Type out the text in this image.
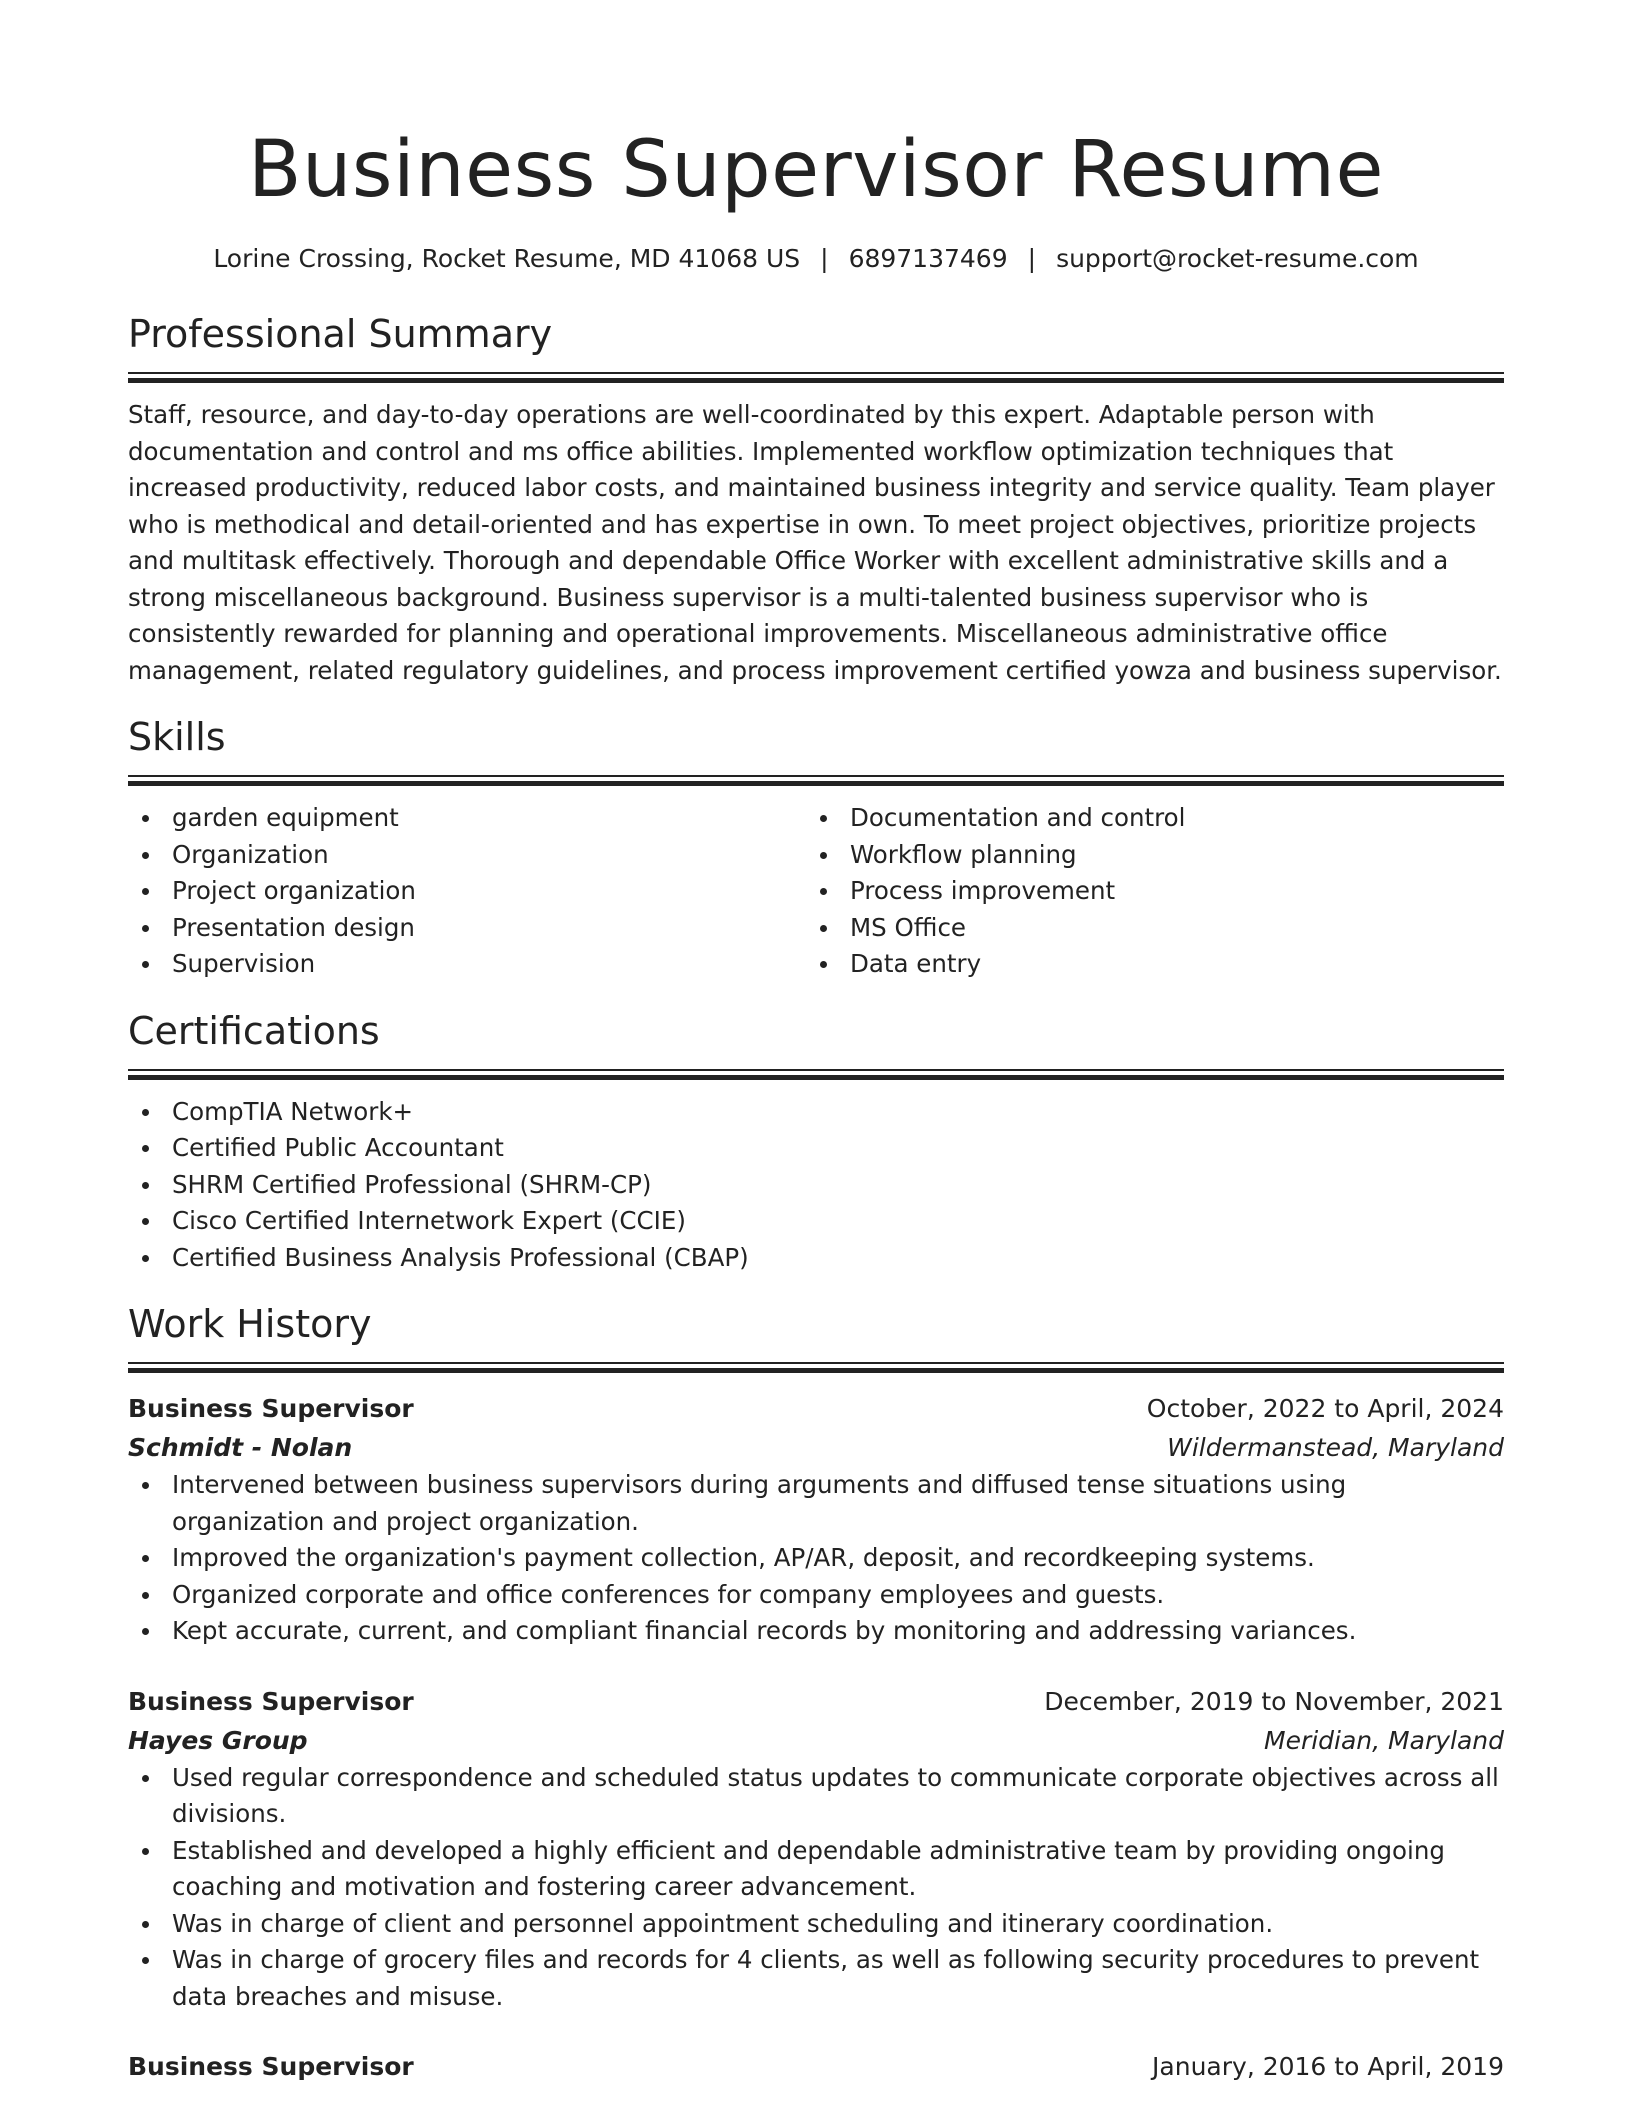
Business Supervisor Resume
Lorine Crossing, Rocket Resume, MD 41068 US | 6897137469 | support@rocket-resume.com
Professional Summary

Staff, resource, and day-to-day operations are well-coordinated by this expert. Adaptable person with documentation and control and ms office abilities. Implemented workflow optimization techniques that increased productivity, reduced labor costs, and maintained business integrity and service quality. Team player who is methodical and detail-oriented and has expertise in own. To meet project objectives, prioritize projects and multitask effectively. Thorough and dependable Office Worker with excellent administrative skills and a strong miscellaneous background. Business supervisor is a multi-talented business supervisor who is consistently rewarded for planning and operational improvements. Miscellaneous administrative office management, related regulatory guidelines, and process improvement certified yowza and business supervisor.

Skills
garden equipment
Organization
Project organization
Presentation design
Supervision
Documentation and control
Workflow planning
Process improvement
MS Office
Data entry
Certifications
CompTIA Network+
Certified Public Accountant
SHRM Certified Professional (SHRM-CP)
Cisco Certified Internetwork Expert (CCIE)
Certified Business Analysis Professional (CBAP)
Work History
Business Supervisor	October, 2022 to April, 2024
Schmidt - Nolan	Wildermanstead, Maryland
Intervened between business supervisors during arguments and diffused tense situations using organization and project organization.
Improved the organization's payment collection, AP/AR, deposit, and recordkeeping systems.
Organized corporate and office conferences for company employees and guests.
Kept accurate, current, and compliant financial records by monitoring and addressing variances.
Business Supervisor	December, 2019 to November, 2021
Hayes Group	Meridian, Maryland
Used regular correspondence and scheduled status updates to communicate corporate objectives across all divisions.
Established and developed a highly efficient and dependable administrative team by providing ongoing coaching and motivation and fostering career advancement.
Was in charge of client and personnel appointment scheduling and itinerary coordination.
Was in charge of grocery files and records for 4 clients, as well as following security procedures to prevent data breaches and misuse.
Business Supervisor	January, 2016 to April, 2019
